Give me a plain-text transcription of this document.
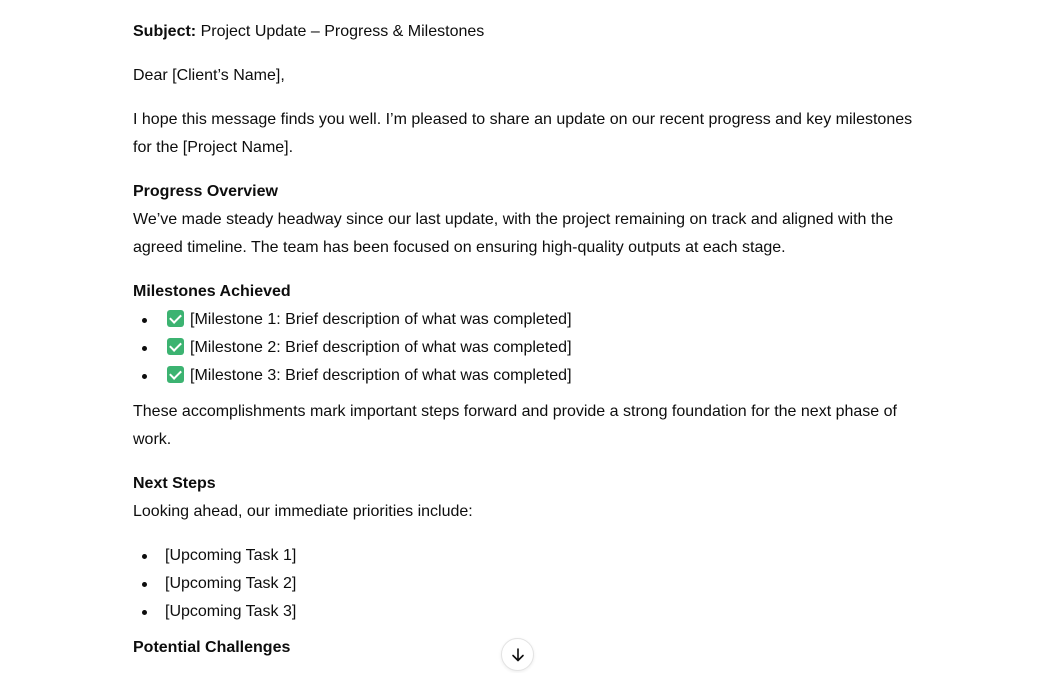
Subject: Project Update – Progress & Milestones

Dear [Client’s Name],

I hope this message finds you well. I’m pleased to share an update on our recent progress and key milestones for the [Project Name].

Progress Overview

We’ve made steady headway since our last update, with the project remaining on track and aligned with the agreed timeline. The team has been focused on ensuring high-quality outputs at each stage.

Milestones Achieved

[Milestone 1: Brief description of what was completed]
[Milestone 2: Brief description of what was completed]
[Milestone 3: Brief description of what was completed]

These accomplishments mark important steps forward and provide a strong foundation for the next phase of work.

Next Steps

Looking ahead, our immediate priorities include:

[Upcoming Task 1]
[Upcoming Task 2]
[Upcoming Task 3]

Potential Challenges
